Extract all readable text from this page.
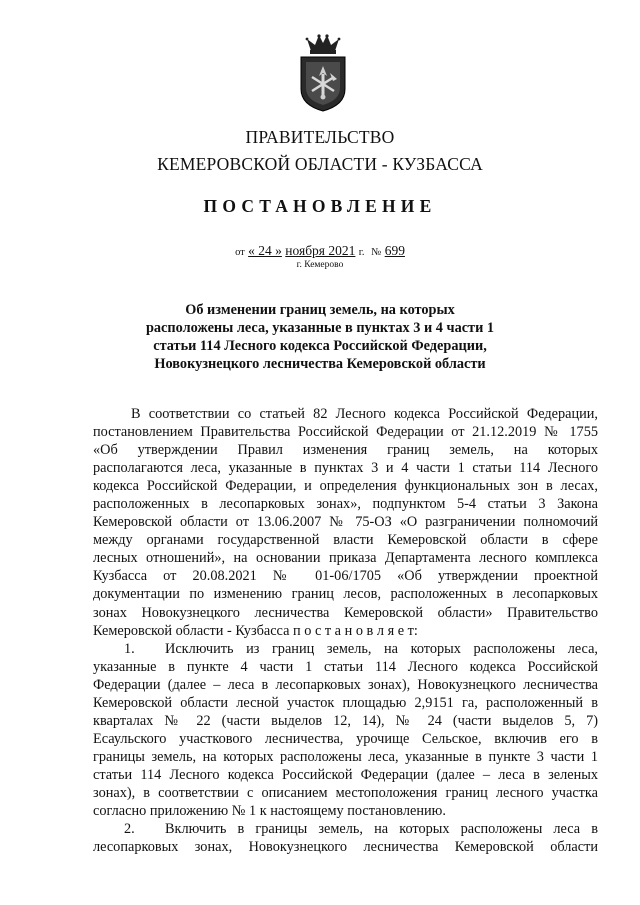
ПРАВИТЕЛЬСТВО
КЕМЕРОВСКОЙ ОБЛАСТИ - КУЗБАССА
ПОСТАНОВЛЕНИЕ
от « 24 » ноября 2021 г. № 699
г. Кемерово
Об изменении границ земель, на которых
расположены леса, указанные в пунктах 3 и 4 части 1
статьи 114 Лесного кодекса Российской Федерации,
Новокузнецкого лесничества Кемеровской области

В соответствии со статьей 82 Лесного кодекса Российской Федерации,

постановлением Правительства Российской Федерации от 21.12.2019 № 1755

«Об утверждении Правил изменения границ земель, на которых

располагаются леса, указанные в пунктах 3 и 4 части 1 статьи 114 Лесного

кодекса Российской Федерации, и определения функциональных зон в лесах,

расположенных в лесопарковых зонах», подпунктом 5-4 статьи 3 Закона

Кемеровской области от 13.06.2007 № 75-ОЗ «О разграничении полномочий

между органами государственной власти Кемеровской области в сфере

лесных отношений», на основании приказа Департамента лесного комплекса

Кузбасса от 20.08.2021 № 01-06/1705 «Об утверждении проектной

документации по изменению границ лесов, расположенных в лесопарковых

зонах Новокузнецкого лесничества Кемеровской области» Правительство

Кемеровской области - Кузбасса п о с т а н о в л я е т:

1.	Исключить из границ земель, на которых расположены леса,

указанные в пункте 4 части 1 статьи 114 Лесного кодекса Российской

Федерации (далее – леса в лесопарковых зонах), Новокузнецкого лесничества

Кемеровской области лесной участок площадью 2,9151 га, расположенный в

кварталах № 22 (части выделов 12, 14), № 24 (части выделов 5, 7)

Есаульского участкового лесничества, урочище Сельское, включив его в

границы земель, на которых расположены леса, указанные в пункте 3 части 1

статьи 114 Лесного кодекса Российской Федерации (далее – леса в зеленых

зонах), в соответствии с описанием местоположения границ лесного участка

согласно приложению № 1 к настоящему постановлению.

2.	Включить в границы земель, на которых расположены леса в

лесопарковых зонах, Новокузнецкого лесничества Кемеровской области
